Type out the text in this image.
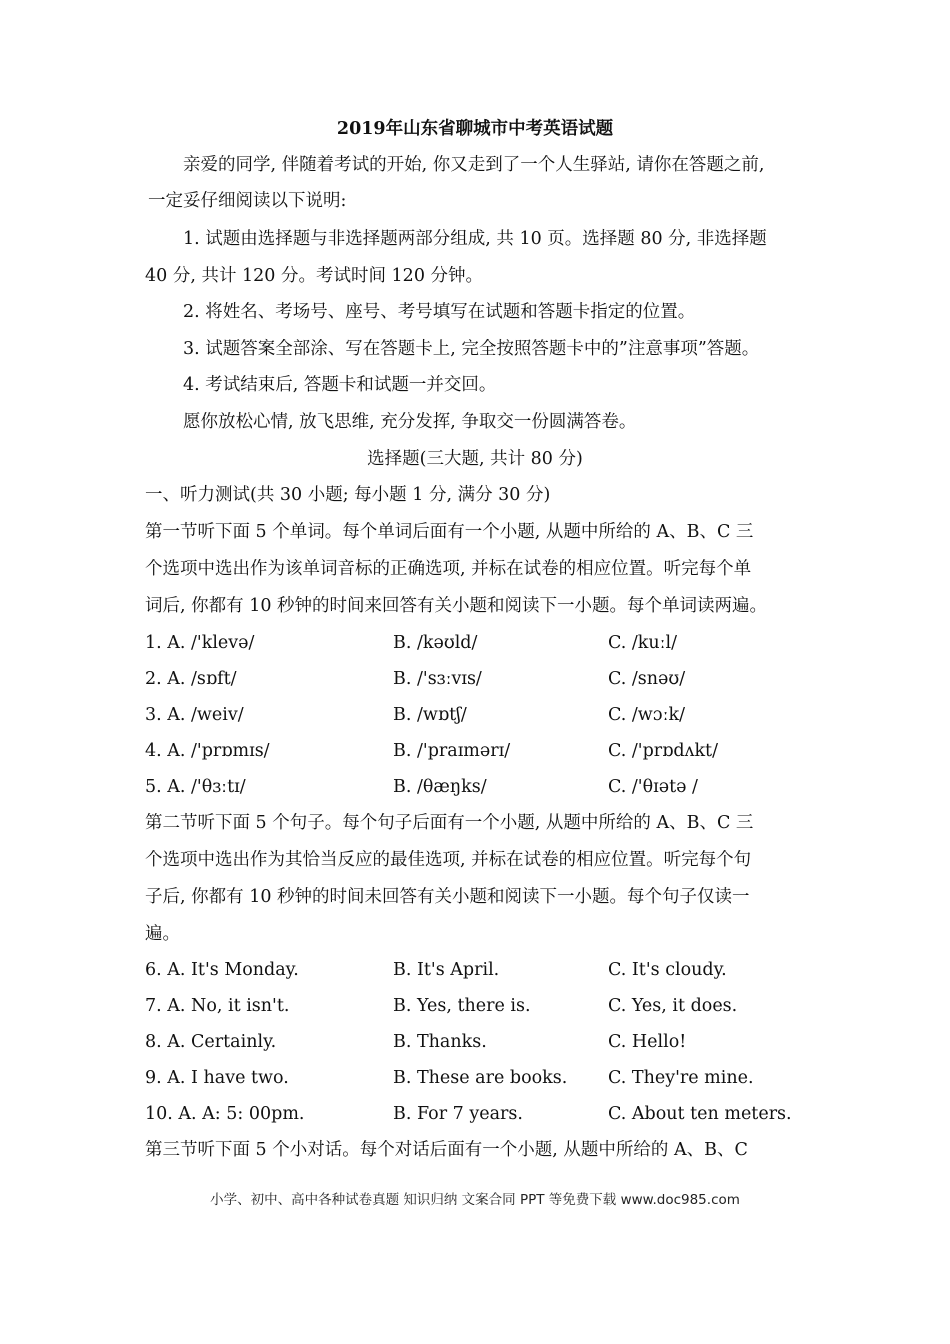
2019年山东省聊城市中考英语试题
亲爱的同学, 伴随着考试的开始, 你又走到了一个人生驿站, 请你在答题之前,
一定妥仔细阅读以下说明:
1. 试题由选择题与非选择题两部分组成, 共 10 页。选择题 80 分, 非选择题
40 分, 共计 120 分。考试时间 120 分钟。
2. 将姓名、考场号、座号、考号填写在试题和答题卡指定的位置。
3. 试题答案全部涂、写在答题卡上, 完全按照答题卡中的”注意事项”答题。
4. 考试结束后, 答题卡和试题一并交回。
愿你放松心情, 放飞思维, 充分发挥, 争取交一份圆满答卷。
选择题(三大题, 共计 80 分)
一、听力测试(共 30 小题; 每小题 1 分, 满分 30 分)
第一节听下面 5 个单词。每个单词后面有一个小题, 从题中所给的 A、B、C 三
个选项中选出作为该单词音标的正确选项, 并标在试卷的相应位置。听完每个单
词后, 你都有 10 秒钟的时间来回答有关小题和阅读下一小题。每个单词读两遍。
1. A. /'klevə/	B. /kəʊld/	C. /kuːl/
2. A. /sɒft/	B. /'sɜːvɪs/	C. /snəʊ/
3. A. /weiv/	B. /wɒtʃ/	C. /wɔːk/
4. A. /'prɒmɪs/	B. /'praɪmərɪ/	C. /'prɒdʌkt/
5. A. /'θɜːtɪ/	B. /θæŋks/	C. /'θɪətə /
第二节听下面 5 个句子。每个句子后面有一个小题, 从题中所给的 A、B、C 三
个选项中选出作为其恰当反应的最佳选项, 并标在试卷的相应位置。听完每个句
子后, 你都有 10 秒钟的时间未回答有关小题和阅读下一小题。每个句子仅读一
遍。
6. A. It's Monday.	B. It's April.	C. It's cloudy.
7. A. No, it isn't.	B. Yes, there is.	C. Yes, it does.
8. A. Certainly.	B. Thanks.	C. Hello!
9. A. I have two.	B. These are books. C. They're mine.
10. A. A: 5: 00pm.	B. For 7 years.	C. About ten meters.
第三节听下面 5 个小对话。每个对话后面有一个小题, 从题中所给的 A、B、C
小学、初中、高中各种试卷真题 知识归纳 文案合同 PPT 等免费下载 www.doc985.com
